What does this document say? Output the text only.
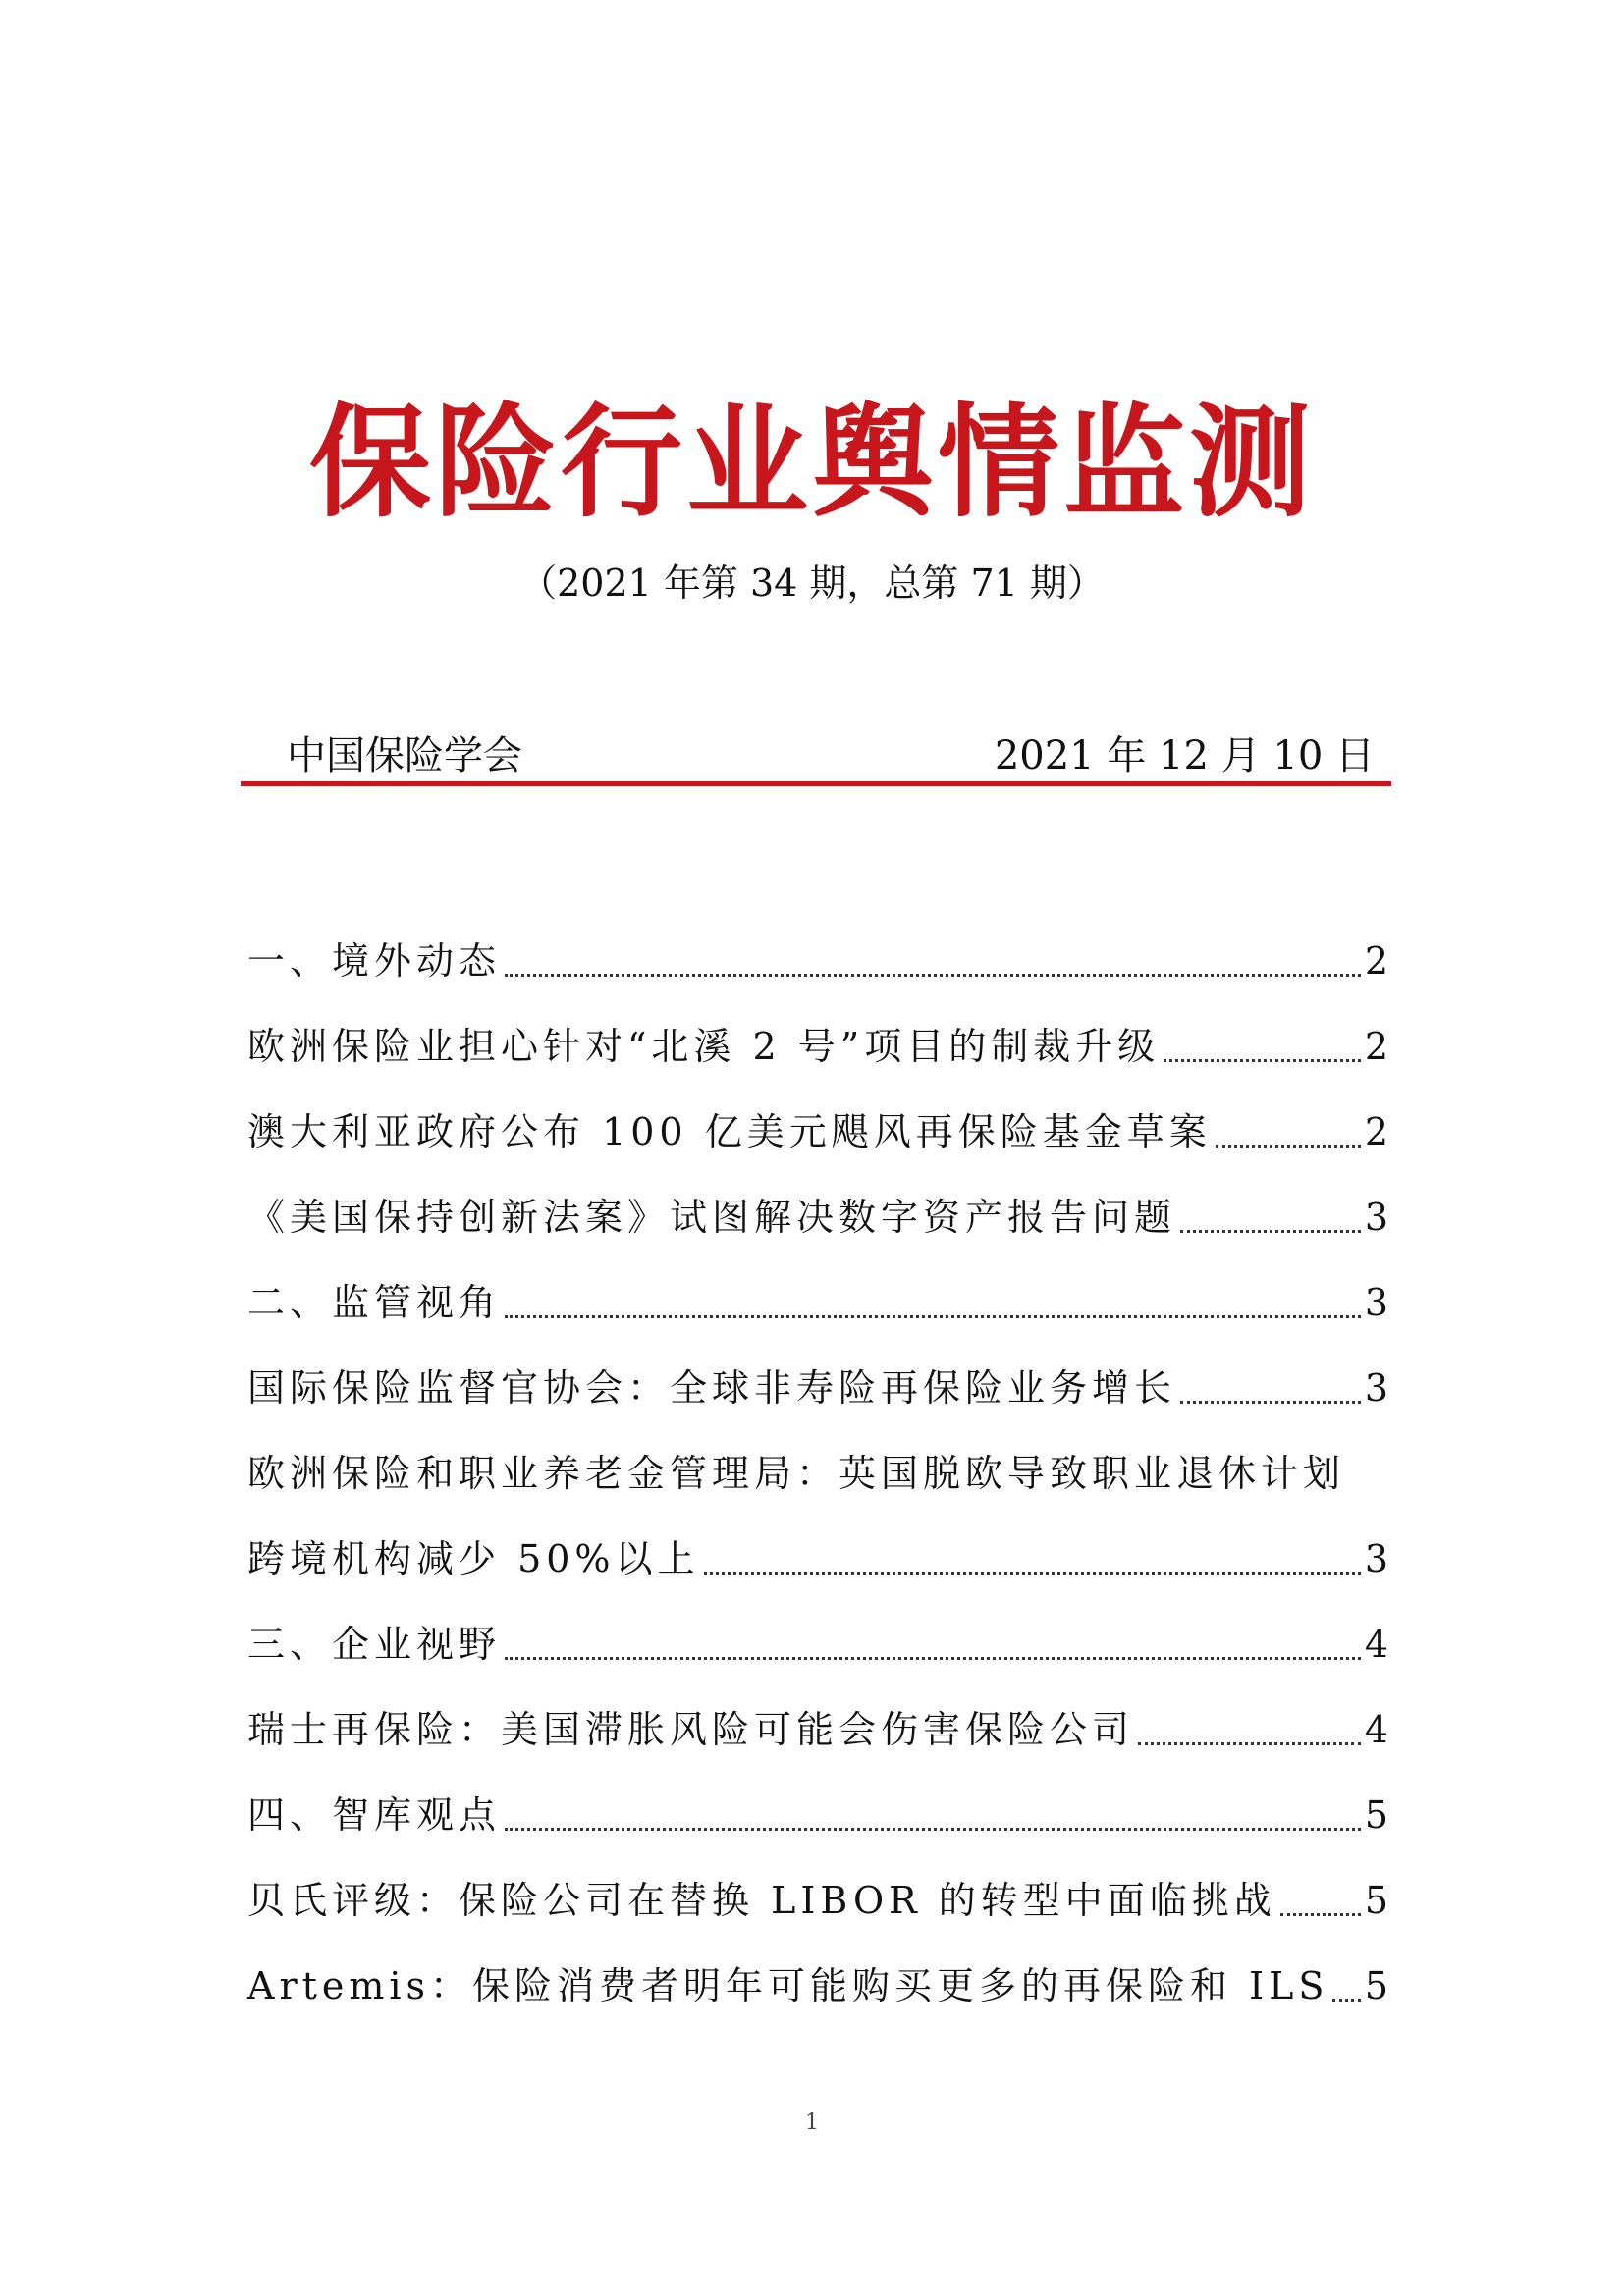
保险行业舆情监测
（2021 年第 34 期，总第 71 期）
中国保险学会	2021 年 12 月 10 日
一、境外动态	2
欧洲保险业担心针对“北溪 2 号”项目的制裁升级	2
澳大利亚政府公布 100 亿美元飓风再保险基金草案	2
《美国保持创新法案》试图解决数字资产报告问题	3
二、监管视角	3
国际保险监督官协会：全球非寿险再保险业务增长	3
欧洲保险和职业养老金管理局：英国脱欧导致职业退休计划
跨境机构减少 50%以上	3
三、企业视野	4
瑞士再保险：美国滞胀风险可能会伤害保险公司	4
四、智库观点	5
贝氏评级：保险公司在替换 LIBOR 的转型中面临挑战 5
Artemis：保险消费者明年可能购买更多的再保险和 ILS 5
1
